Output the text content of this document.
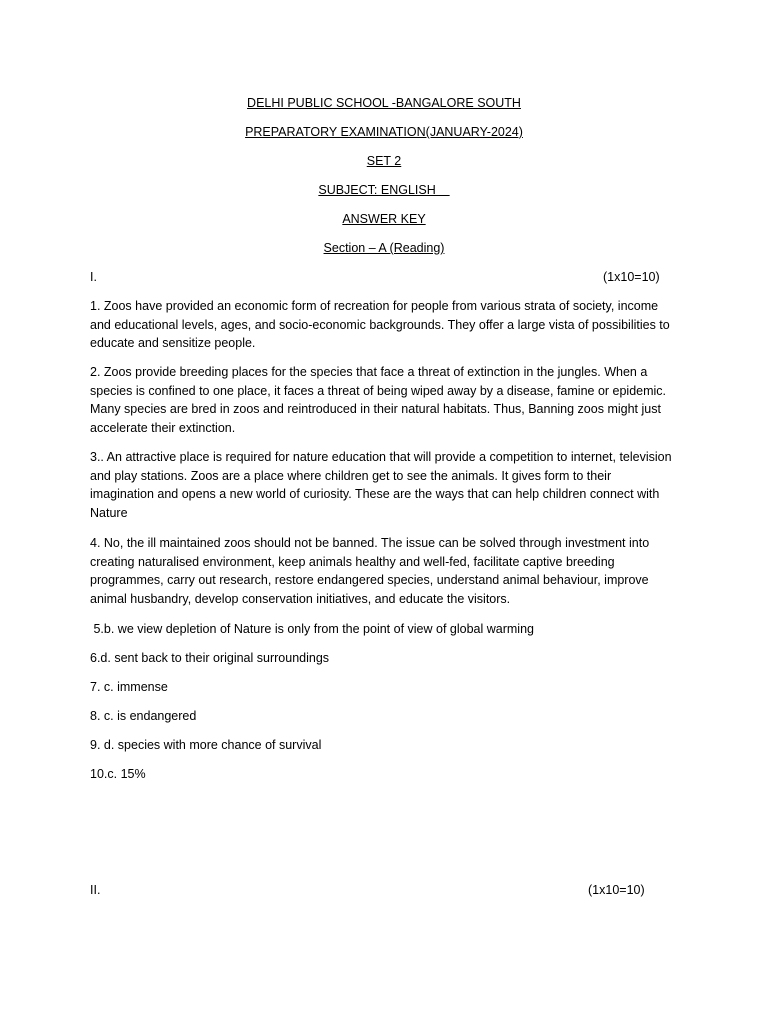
DELHI PUBLIC SCHOOL -BANGALORE SOUTH
PREPARATORY EXAMINATION(JANUARY-2024)
SET 2
SUBJECT: ENGLISH
ANSWER KEY
Section – A (Reading)
I.	(1x10=10)
1. Zoos have provided an economic form of recreation for people from various strata of society, income and educational levels, ages, and socio-economic backgrounds. They offer a large vista of possibilities to educate and sensitize people.
2. Zoos provide breeding places for the species that face a threat of extinction in the jungles. When a species is confined to one place, it faces a threat of being wiped away by a disease, famine or epidemic. Many species are bred in zoos and reintroduced in their natural habitats. Thus, Banning zoos might just accelerate their extinction.
3.. An attractive place is required for nature education that will provide a competition to internet, television and play stations. Zoos are a place where children get to see the animals. It gives form to their imagination and opens a new world of curiosity. These are the ways that can help children connect with Nature
4. No, the ill maintained zoos should not be banned. The issue can be solved through investment into creating naturalised environment, keep animals healthy and well-fed, facilitate captive breeding programmes, carry out research, restore endangered species, understand animal behaviour, improve animal husbandry, develop conservation initiatives, and educate the visitors.
5.b. we view depletion of Nature is only from the point of view of global warming
6.d. sent back to their original surroundings
7. c. immense
8. c. is endangered
9. d. species with more chance of survival
10.c. 15%
II.	(1x10=10)
